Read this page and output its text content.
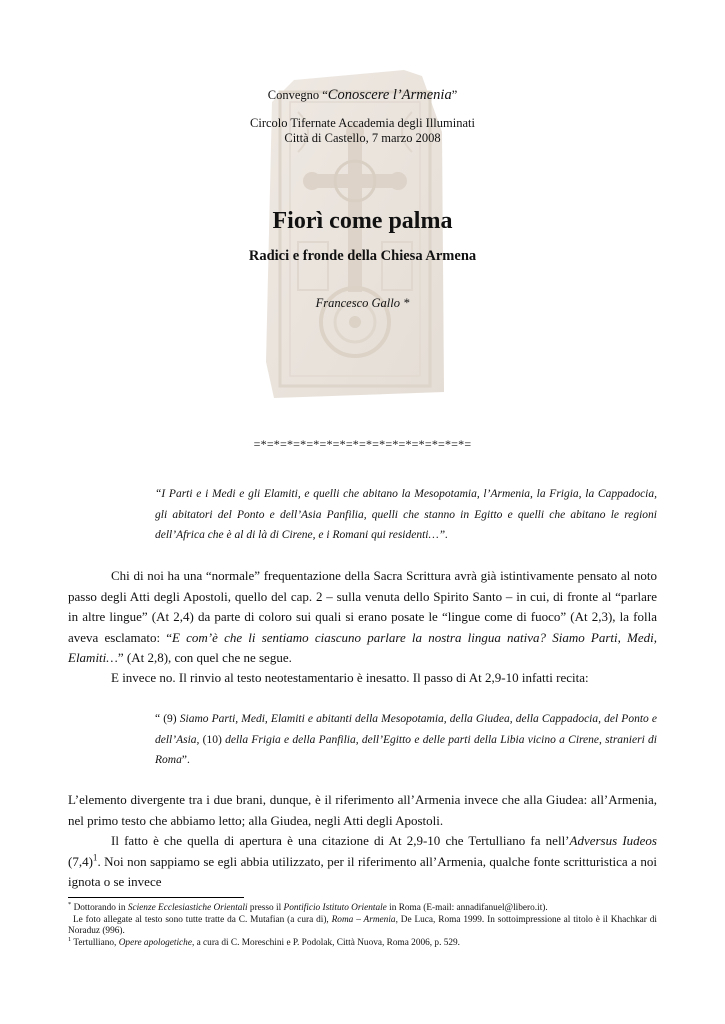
Convegno “Conoscere l’Armenia”
Circolo Tifernate Accademia degli Illuminati
Città di Castello, 7 marzo 2008
Fiorì come palma
Radici e fronde della Chiesa Armena
Francesco Gallo *
=*=*=*=*=*=*=*=*=*=*=*=*=*=*=*=*=
“I Parti e i Medi e gli Elamiti, e quelli che abitano la Mesopotamia, l’Armenia, la Frigia, la Cappadocia, gli abitatori del Ponto e dell’Asia Panfilia, quelli che stanno in Egitto e quelli che abitano le regioni dell’Africa che è al di là di Cirene, e i Romani qui residenti…”.
Chi di noi ha una “normale” frequentazione della Sacra Scrittura avrà già istintivamente pensato al noto passo degli Atti degli Apostoli, quello del cap. 2 – sulla venuta dello Spirito Santo – in cui, di fronte al “parlare in altre lingue” (At 2,4) da parte di coloro sui quali si erano posate le “lingue come di fuoco” (At 2,3), la folla aveva esclamato: “E com’è che li sentiamo ciascuno parlare la nostra lingua nativa? Siamo Parti, Medi, Elamiti…” (At 2,8), con quel che ne segue.
E invece no. Il rinvio al testo neotestamentario è inesatto. Il passo di At 2,9-10 infatti recita:
“ (9) Siamo Parti, Medi, Elamiti e abitanti della Mesopotamia, della Giudea, della Cappadocia, del Ponto e dell’Asia, (10) della Frigia e della Panfilia, dell’Egitto e delle parti della Libia vicino a Cirene, stranieri di Roma”.
L’elemento divergente tra i due brani, dunque, è il riferimento all’Armenia invece che alla Giudea: all’Armenia, nel primo testo che abbiamo letto; alla Giudea, negli Atti degli Apostoli.
Il fatto è che quella di apertura è una citazione di At 2,9-10 che Tertulliano fa nell’Adversus Iudeos $(7,4)^1$. Noi non sappiamo se egli abbia utilizzato, per il riferimento all’Armenia, qualche fonte scritturistica a noi ignota o se invece

* Dottorando in Scienze Ecclesiastiche Orientali presso il Pontificio Istituto Orientale in Roma (E-mail: annadifanuel@libero.it).

Le foto allegate al testo sono tutte tratte da C. Mutafian (a cura di), Roma – Armenia, De Luca, Roma 1999. In sottoimpressione al titolo è il Khachkar di Noraduz (996).

$^1$ Tertulliano, Opere apologetiche, a cura di C. Moreschini e P. Podolak, Città Nuova, Roma 2006, p. 529.
